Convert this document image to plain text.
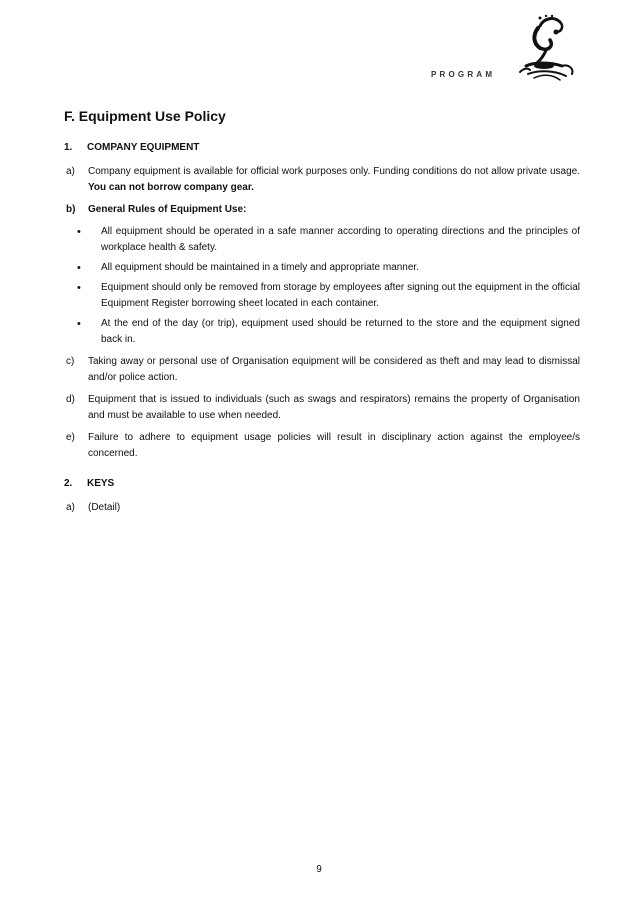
PROGRAM
F. Equipment Use Policy
1.	COMPANY EQUIPMENT
a)	Company equipment is available for official work purposes only. Funding conditions do not allow private usage. You can not borrow company gear.
b)	General Rules of Equipment Use:
•	All equipment should be operated in a safe manner according to operating directions and the principles of workplace health & safety.
•	All equipment should be maintained in a timely and appropriate manner.
•	Equipment should only be removed from storage by employees after signing out the equipment in the official Equipment Register borrowing sheet located in each container.
•	At the end of the day (or trip), equipment used should be returned to the store and the equipment signed back in.
c)	Taking away or personal use of Organisation equipment will be considered as theft and may lead to dismissal and/or police action.
d)	Equipment that is issued to individuals (such as swags and respirators) remains the property of Organisation and must be available to use when needed.
e)	Failure to adhere to equipment usage policies will result in disciplinary action against the employee/s concerned.
2.	KEYS
a)	(Detail)
9
